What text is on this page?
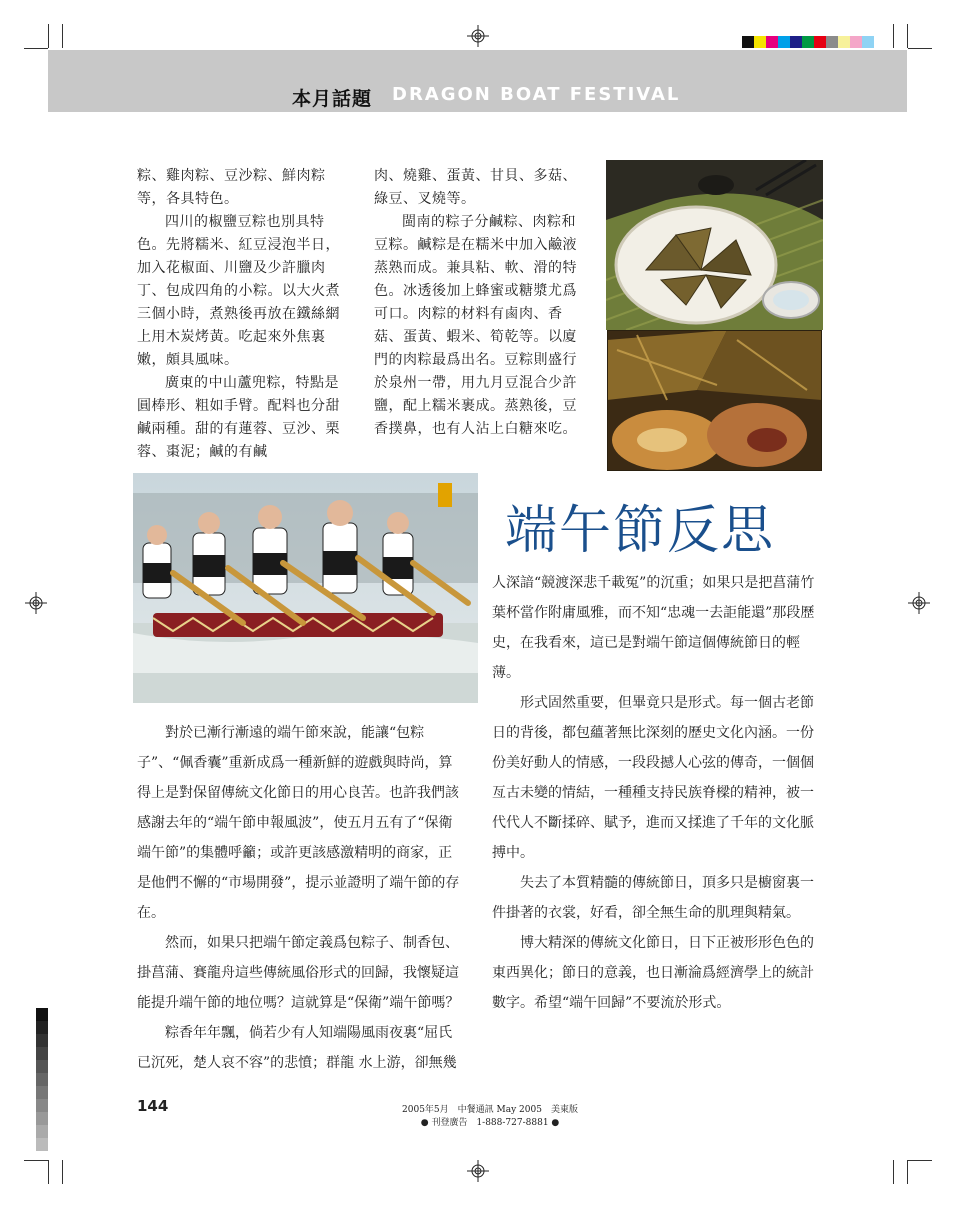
本月話題 DRAGON BOAT FESTIVAL

粽、雞肉粽、豆沙粽、鮮肉粽等，各具特色。

四川的椒鹽豆粽也別具特色。先將糯米、紅豆浸泡半日，加入花椒面、川鹽及少許臘肉丁、包成四角的小粽。以大火煮三個小時，煮熟後再放在鐵絲網上用木炭烤黃。吃起來外焦裏嫩，頗具風味。

廣東的中山蘆兜粽，特點是圓棒形、粗如手臂。配料也分甜鹹兩種。甜的有蓮蓉、豆沙、栗蓉、棗泥；鹹的有鹹

肉、燒雞、蛋黃、甘貝、多菇、綠豆、叉燒等。

閩南的粽子分鹹粽、肉粽和豆粽。鹹粽是在糯米中加入鹼液蒸熟而成。兼具粘、軟、滑的特色。冰透後加上蜂蜜或糖漿尤爲可口。肉粽的材料有鹵肉、香菇、蛋黃、蝦米、筍乾等。以廈門的肉粽最爲出名。豆粽則盛行於泉州一帶，用九月豆混合少許鹽，配上糯米裹成。蒸熟後，豆香撲鼻，也有人沾上白糖來吃。

端午節反思

對於已漸行漸遠的端午節來說，能讓“包粽子”、“佩香囊”重新成爲一種新鮮的遊戲與時尚，算得上是對保留傳統文化節日的用心良苦。也許我們該感謝去年的“端午節申報風波”，使五月五有了“保衛端午節”的集體呼籲；或許更該感激精明的商家，正是他們不懈的“市場開發”，提示並證明了端午節的存在。

然而，如果只把端午節定義爲包粽子、制香包、掛菖蒲、賽龍舟這些傳統風俗形式的回歸，我懷疑這能提升端午節的地位嗎？這就算是“保衛”端午節嗎？

粽香年年飄，倘若少有人知端陽風雨夜裏“屈氏已沉死，楚人哀不容”的悲憤；群龍 水上游，卻無幾

人深諳“競渡深悲千載冤”的沉重；如果只是把菖蒲竹葉杯當作附庸風雅，而不知“忠魂一去詎能還”那段歷史，在我看來，這已是對端午節這個傳統節日的輕薄。

形式固然重要，但畢竟只是形式。每一個古老節日的背後，都包蘊著無比深刻的歷史文化內涵。一份份美好動人的情感，一段段撼人心弦的傳奇，一個個亙古未變的情結，一種種支持民族脊樑的精神，被一代代人不斷揉碎、賦予，進而又揉進了千年的文化脈搏中。

失去了本質精髓的傳統節日，頂多只是櫥窗裏一件掛著的衣裳，好看，卻全無生命的肌理與精氣。

博大精深的傳統文化節日，日下正被形形色色的東西異化；節日的意義，也日漸淪爲經濟學上的統計數字。希望“端午回歸”不要流於形式。

144	2005年5月　中餐通訊 May 2005　美東版
● 刊登廣告　1-888-727-8881 ●
